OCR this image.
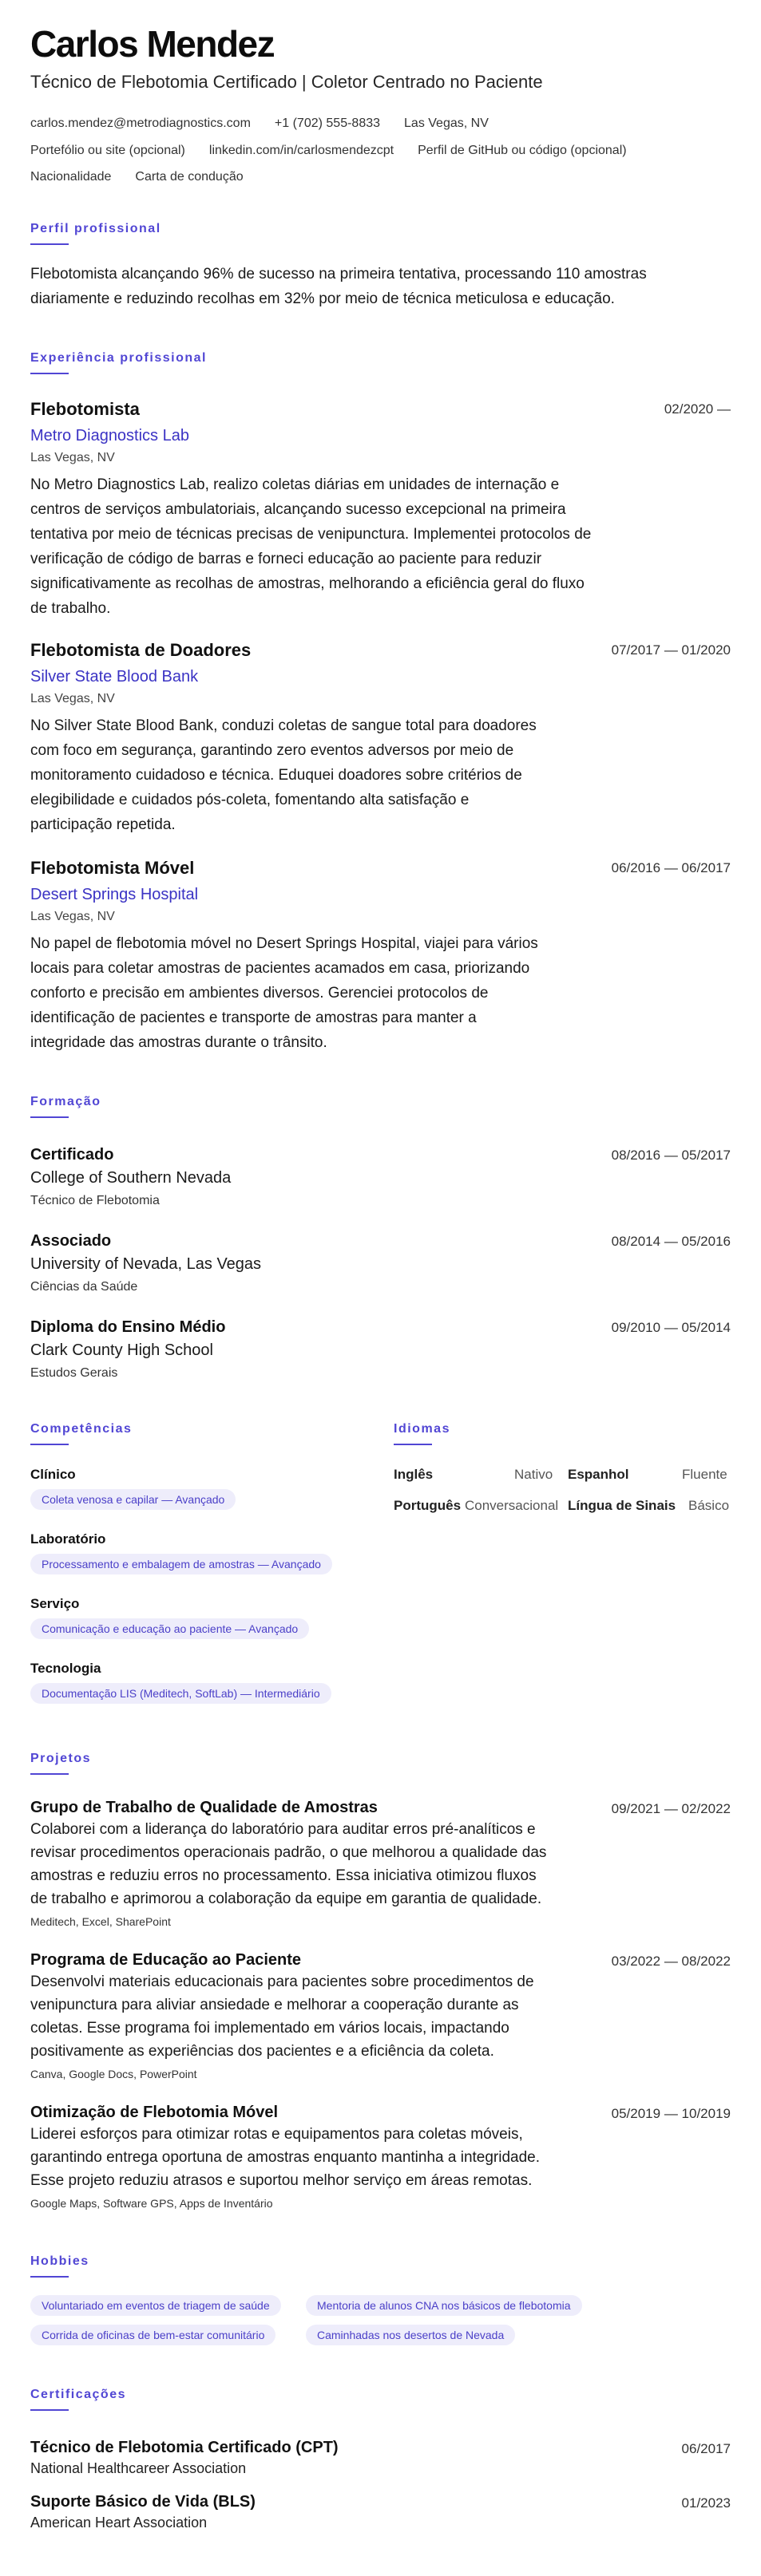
Carlos Mendez
Técnico de Flebotomia Certificado | Coletor Centrado no Paciente
carlos.mendez@metrodiagnostics.com +1 (702) 555-8833 Las Vegas, NV
Portefólio ou site (opcional) linkedin.com/in/carlosmendezcpt Perfil de GitHub ou código (opcional)
Nacionalidade Carta de condução
Perfil profissional
Flebotomista alcançando 96% de sucesso na primeira tentativa, processando 110 amostras diariamente e reduzindo recolhas em 32% por meio de técnica meticulosa e educação.
Experiência profissional
Flebotomista	02/2020 —
Metro Diagnostics Lab
Las Vegas, NV
No Metro Diagnostics Lab, realizo coletas diárias em unidades de internação e
centros de serviços ambulatoriais, alcançando sucesso excepcional na primeira
tentativa por meio de técnicas precisas de venipunctura. Implementei protocolos de
verificação de código de barras e forneci educação ao paciente para reduzir
significativamente as recolhas de amostras, melhorando a eficiência geral do fluxo
de trabalho.
Flebotomista de Doadores	07/2017 — 01/2020
Silver State Blood Bank
Las Vegas, NV
No Silver State Blood Bank, conduzi coletas de sangue total para doadores
com foco em segurança, garantindo zero eventos adversos por meio de
monitoramento cuidadoso e técnica. Eduquei doadores sobre critérios de
elegibilidade e cuidados pós-coleta, fomentando alta satisfação e
participação repetida.
Flebotomista Móvel	06/2016 — 06/2017
Desert Springs Hospital
Las Vegas, NV
No papel de flebotomia móvel no Desert Springs Hospital, viajei para vários
locais para coletar amostras de pacientes acamados em casa, priorizando
conforto e precisão em ambientes diversos. Gerenciei protocolos de
identificação de pacientes e transporte de amostras para manter a
integridade das amostras durante o trânsito.
Formação
Certificado	08/2016 — 05/2017
College of Southern Nevada
Técnico de Flebotomia
Associado	08/2014 — 05/2016
University of Nevada, Las Vegas
Ciências da Saúde
Diploma do Ensino Médio	09/2010 — 05/2014
Clark County High School
Estudos Gerais
Competências
Clínico
Coleta venosa e capilar — Avançado
Laboratório
Processamento e embalagem de amostras — Avançado
Serviço
Comunicação e educação ao paciente — Avançado
Tecnologia
Documentação LIS (Meditech, SoftLab) — Intermediário
Idiomas
Inglês	Nativo Espanhol	Fluente
Português Conversacional Língua de Sinais Básico
Projetos
Grupo de Trabalho de Qualidade de Amostras	09/2021 — 02/2022
Colaborei com a liderança do laboratório para auditar erros pré-analíticos e
revisar procedimentos operacionais padrão, o que melhorou a qualidade das
amostras e reduziu erros no processamento. Essa iniciativa otimizou fluxos
de trabalho e aprimorou a colaboração da equipe em garantia de qualidade.
Meditech, Excel, SharePoint
Programa de Educação ao Paciente	03/2022 — 08/2022
Desenvolvi materiais educacionais para pacientes sobre procedimentos de
venipunctura para aliviar ansiedade e melhorar a cooperação durante as
coletas. Esse programa foi implementado em vários locais, impactando
positivamente as experiências dos pacientes e a eficiência da coleta.
Canva, Google Docs, PowerPoint
Otimização de Flebotomia Móvel	05/2019 — 10/2019
Liderei esforços para otimizar rotas e equipamentos para coletas móveis,
garantindo entrega oportuna de amostras enquanto mantinha a integridade.
Esse projeto reduziu atrasos e suportou melhor serviço em áreas remotas.
Google Maps, Software GPS, Apps de Inventário
Hobbies
Voluntariado em eventos de triagem de saúde	Mentoria de alunos CNA nos básicos de flebotomia
Corrida de oficinas de bem-estar comunitário	Caminhadas nos desertos de Nevada
Certificações
Técnico de Flebotomia Certificado (CPT)	06/2017
National Healthcareer Association
Suporte Básico de Vida (BLS)	01/2023
American Heart Association
